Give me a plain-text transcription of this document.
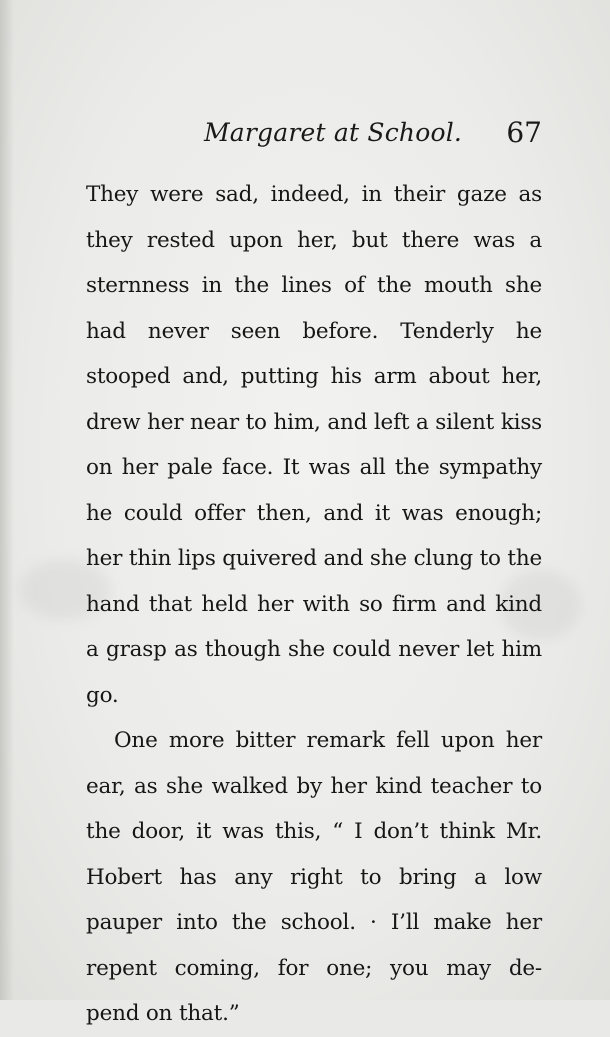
Margaret at School. 67
They were sad, indeed, in their gaze as
they rested upon her, but there was a
sternness in the lines of the mouth she
had never seen before. Tenderly he
stooped and, putting his arm about her,
drew her near to him, and left a silent kiss
on her pale face. It was all the sympathy
he could offer then, and it was enough;
her thin lips quivered and she clung to the
hand that held her with so firm and kind
a grasp as though she could never let him
go.
One more bitter remark fell upon her
ear, as she walked by her kind teacher to
the door, it was this, “ I don’t think Mr.
Hobert has any right to bring a low
pauper into the school. · I’ll make her
repent coming, for one; you may de-
pend on that.”
